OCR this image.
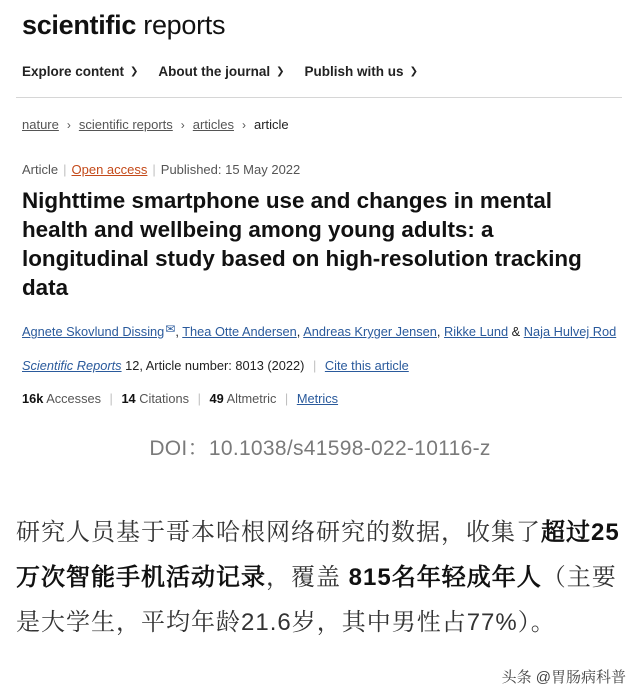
scientific reports
Explore content ❯ About the journal ❯ Publish with us ❯
nature › scientific reports › articles › article
Article | Open access | Published: 15 May 2022
Nighttime smartphone use and changes in mental health and wellbeing among young adults: a longitudinal study based on high-resolution tracking data
Agnete Skovlund Dissing✉, Thea Otte Andersen, Andreas Kryger Jensen, Rikke Lund & Naja Hulvej Rod
Scientific Reports 12, Article number: 8013 (2022) | Cite this article
16k Accesses | 14 Citations | 49 Altmetric | Metrics
DOI：10.1038/s41598-022-10116-z

研究人员基于哥本哈根网络研究的数据，收集了超过25万次智能手机活动记录，覆盖 815名年轻成年人（主要是大学生，平均年龄21.6岁，其中男性占77%）。

头条 @胃肠病科普
